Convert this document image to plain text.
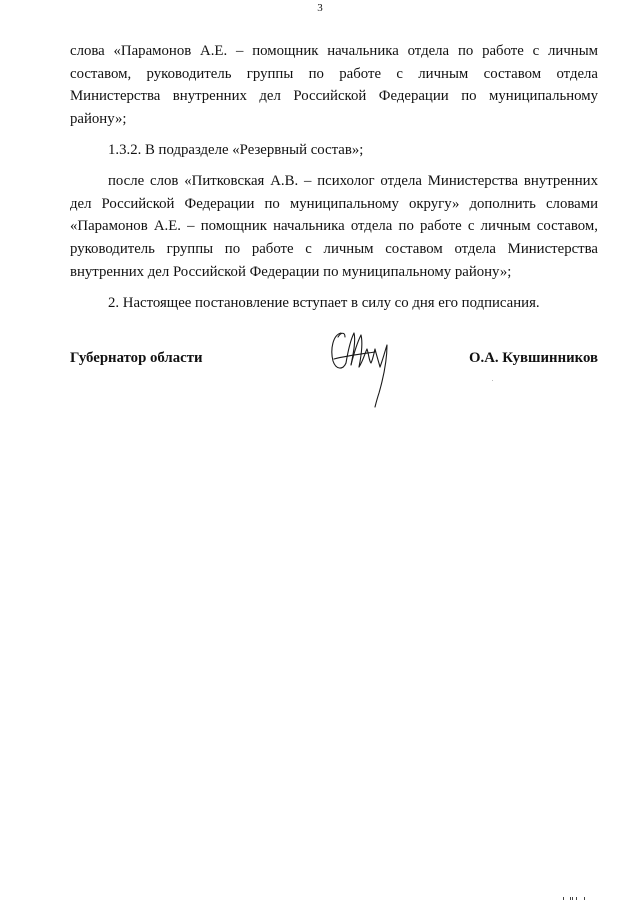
3

слова «Парамонов А.Е. – помощник начальника отдела по работе с личным составом, руководитель группы по работе с личным составом отдела Министерства внутренних дел Российской Федерации по муниципальному району»;

1.3.2. В подразделе «Резервный состав»;

после слов «Питковская А.В. – психолог отдела Министерства внутренних дел Российской Федерации по муниципальному округу» дополнить словами «Парамонов А.Е. – помощник начальника отдела по работе с личным составом, руководитель группы по работе с личным составом отдела Министерства внутренних дел Российской Федерации по муниципальному району»;

2. Настоящее постановление вступает в силу со дня его подписания.

Губернатор области	О.А. Кувшинников
